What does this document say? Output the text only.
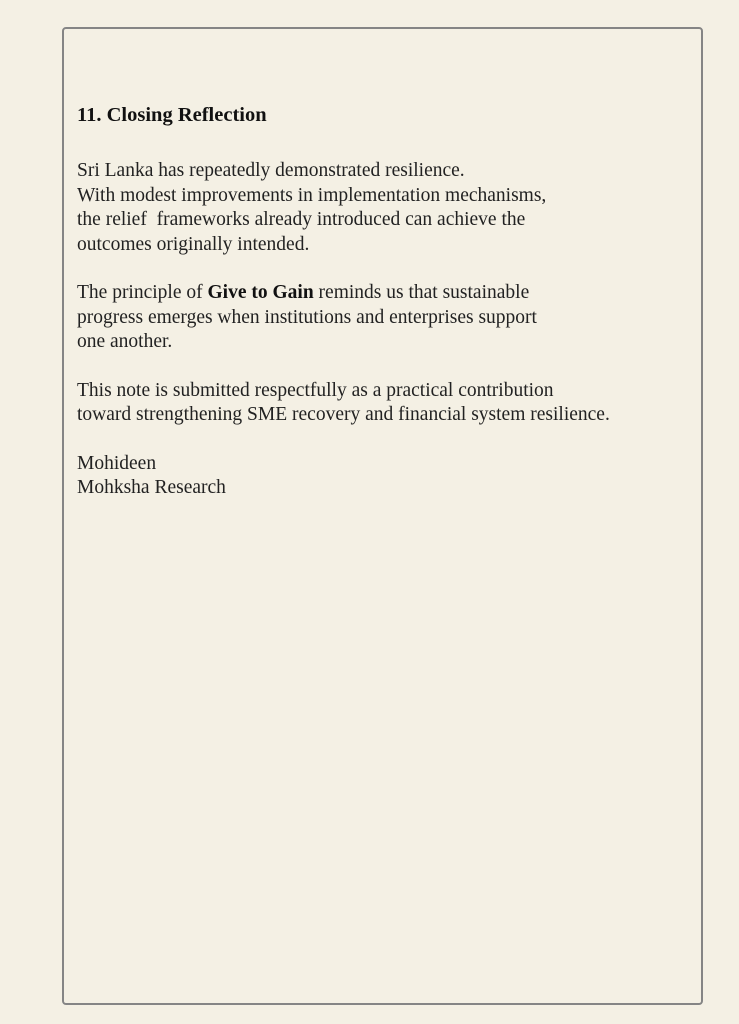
11. Closing Reflection

Sri Lanka has repeatedly demonstrated resilience.
With modest improvements in implementation mechanisms,
the relief  frameworks already introduced can achieve the
outcomes originally intended.

The principle of Give to Gain reminds us that sustainable
progress emerges when institutions and enterprises support
one another.

This note is submitted respectfully as a practical contribution
toward strengthening SME recovery and financial system resilience.

Mohideen
Mohksha Research
